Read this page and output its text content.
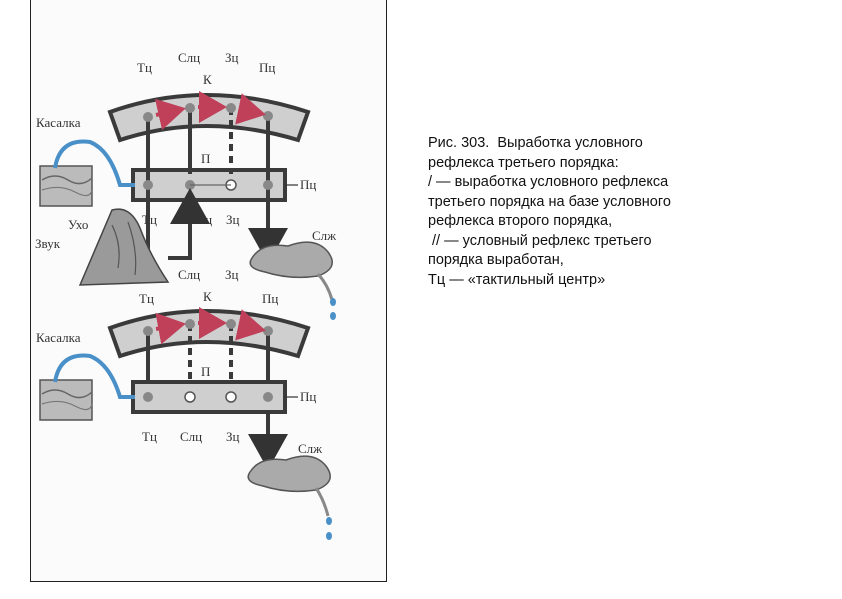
Тц
Слц Зц
Пц
К
П
Пц
Тц	Слц Зц
Касалка
Ухо
Звук
Слж
Слц Зц
Тц	К	Пц
П
Пц
Тц Слц Зц
Касалка
Слж
Рис. 303.  Выработка условного
рефлекса третьего порядка:
/ — выработка условного рефлекса
третьего порядка на базе условного
рефлекса второго порядка,
// — условный рефлекс третьего
порядка выработан,
Тц — «тактильный центр»
